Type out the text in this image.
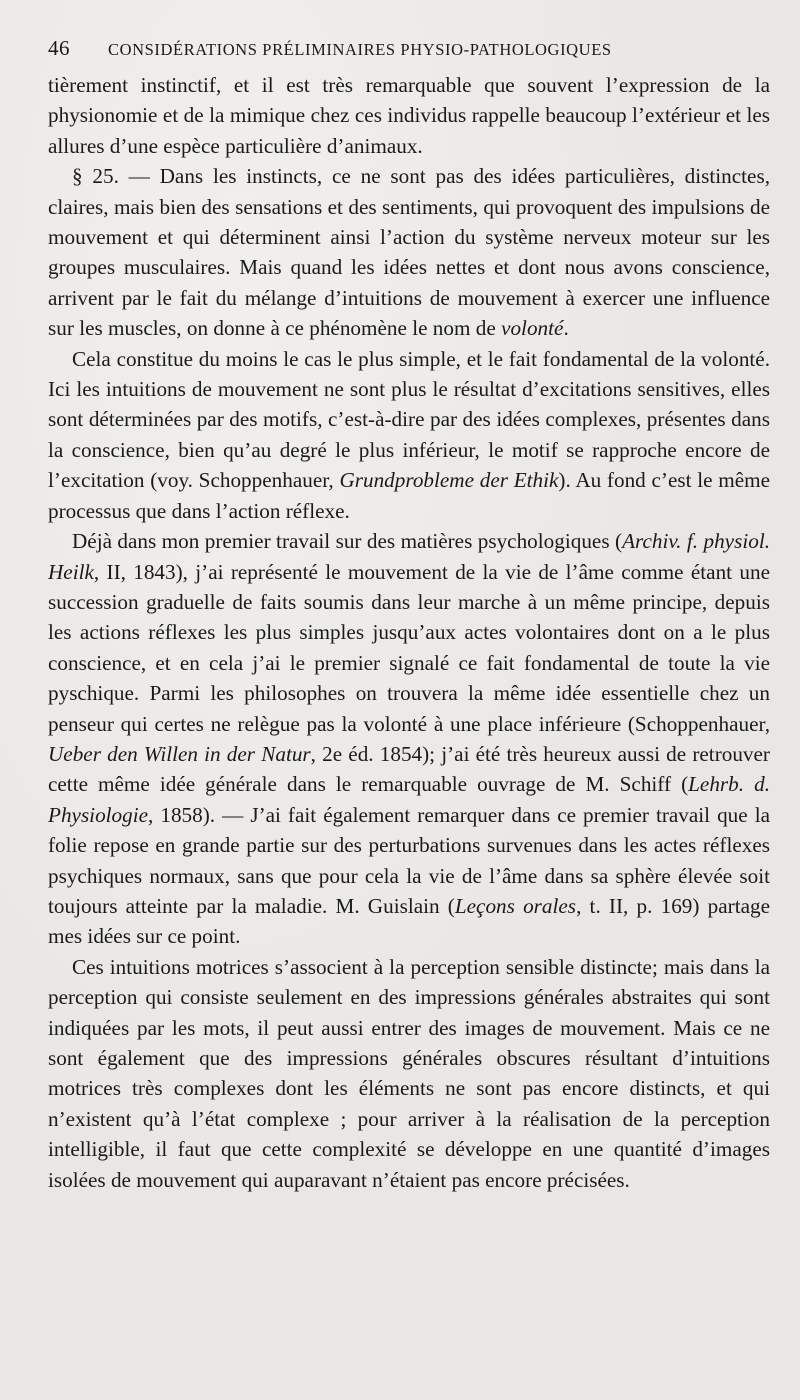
46	CONSIDÉRATIONS PRÉLIMINAIRES PHYSIO-PATHOLOGIQUES

tièrement instinctif, et il est très remarquable que souvent l’expression de la physionomie et de la mimique chez ces individus rappelle beaucoup l’extérieur et les allures d’une espèce particulière d’animaux.

§ 25. — Dans les instincts, ce ne sont pas des idées particulières, distinctes, claires, mais bien des sensations et des sentiments, qui provoquent des impulsions de mouvement et qui déterminent ainsi l’action du système nerveux moteur sur les groupes musculaires. Mais quand les idées nettes et dont nous avons conscience, arrivent par le fait du mélange d’intuitions de mouvement à exercer une influence sur les muscles, on donne à ce phénomène le nom de volonté.

Cela constitue du moins le cas le plus simple, et le fait fondamental de la volonté. Ici les intuitions de mouvement ne sont plus le résultat d’excitations sensitives, elles sont déterminées par des motifs, c’est-à-dire par des idées complexes, présentes dans la conscience, bien qu’au degré le plus inférieur, le motif se rapproche encore de l’excitation (voy. Schoppenhauer, Grundprobleme der Ethik). Au fond c’est le même processus que dans l’action réflexe.

Déjà dans mon premier travail sur des matières psychologiques (Archiv. f. physiol. Heilk, II, 1843), j’ai représenté le mouvement de la vie de l’âme comme étant une succession graduelle de faits soumis dans leur marche à un même principe, depuis les actions réflexes les plus simples jusqu’aux actes volontaires dont on a le plus conscience, et en cela j’ai le premier signalé ce fait fondamental de toute la vie pyschique. Parmi les philosophes on trouvera la même idée essentielle chez un penseur qui certes ne relègue pas la volonté à une place inférieure (Schoppenhauer, Ueber den Willen in der Natur, 2e éd. 1854); j’ai été très heureux aussi de retrouver cette même idée générale dans le remarquable ouvrage de M. Schiff (Lehrb. d. Physiologie, 1858). — J’ai fait également remarquer dans ce premier travail que la folie repose en grande partie sur des perturbations survenues dans les actes réflexes psychiques normaux, sans que pour cela la vie de l’âme dans sa sphère élevée soit toujours atteinte par la maladie. M. Guislain (Leçons orales, t. II, p. 169) partage mes idées sur ce point.

Ces intuitions motrices s’associent à la perception sensible distincte; mais dans la perception qui consiste seulement en des impressions générales abstraites qui sont indiquées par les mots, il peut aussi entrer des images de mouvement. Mais ce ne sont également que des impressions générales obscures résultant d’intuitions motrices très complexes dont les éléments ne sont pas encore distincts, et qui n’existent qu’à l’état complexe ; pour arriver à la réalisation de la perception intelligible, il faut que cette complexité se développe en une quantité d’images isolées de mouvement qui auparavant n’étaient pas encore précisées.
